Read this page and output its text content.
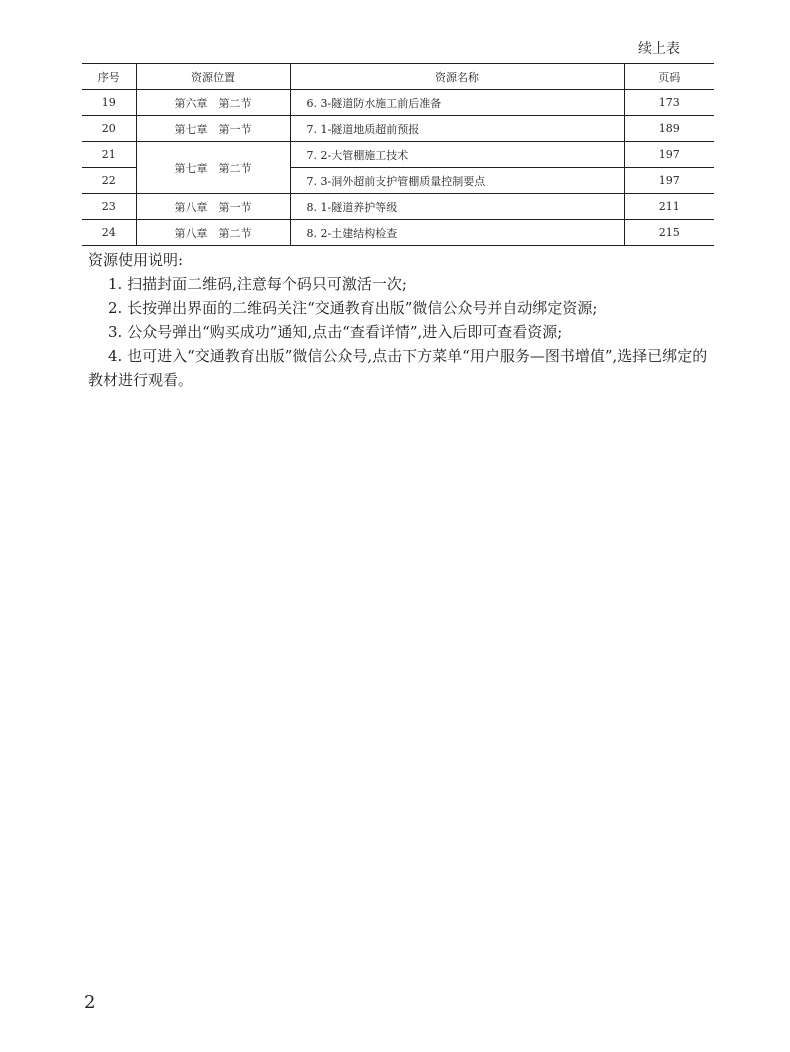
续上表
序号	资源位置	资源名称	页码
19	第六章　第二节	6. 3-隧道防水施工前后准备	173
20	第七章　第一节	7. 1-隧道地质超前预报	189
21	第七章　第二节	7. 2-大管棚施工技术	197
22		7. 3-洞外超前支护管棚质量控制要点	197
23	第八章　第一节	8. 1-隧道养护等级	211
24	第八章　第二节	8. 2-土建结构检查	215

资源使用说明:

1. 扫描封面二维码,注意每个码只可激活一次;

2. 长按弹出界面的二维码关注“交通教育出版”微信公众号并自动绑定资源;

3. 公众号弹出“购买成功”通知,点击“查看详情”,进入后即可查看资源;

4. 也可进入“交通教育出版”微信公众号,点击下方菜单“用户服务—图书增值”,选择已绑定的教材进行观看。

2
